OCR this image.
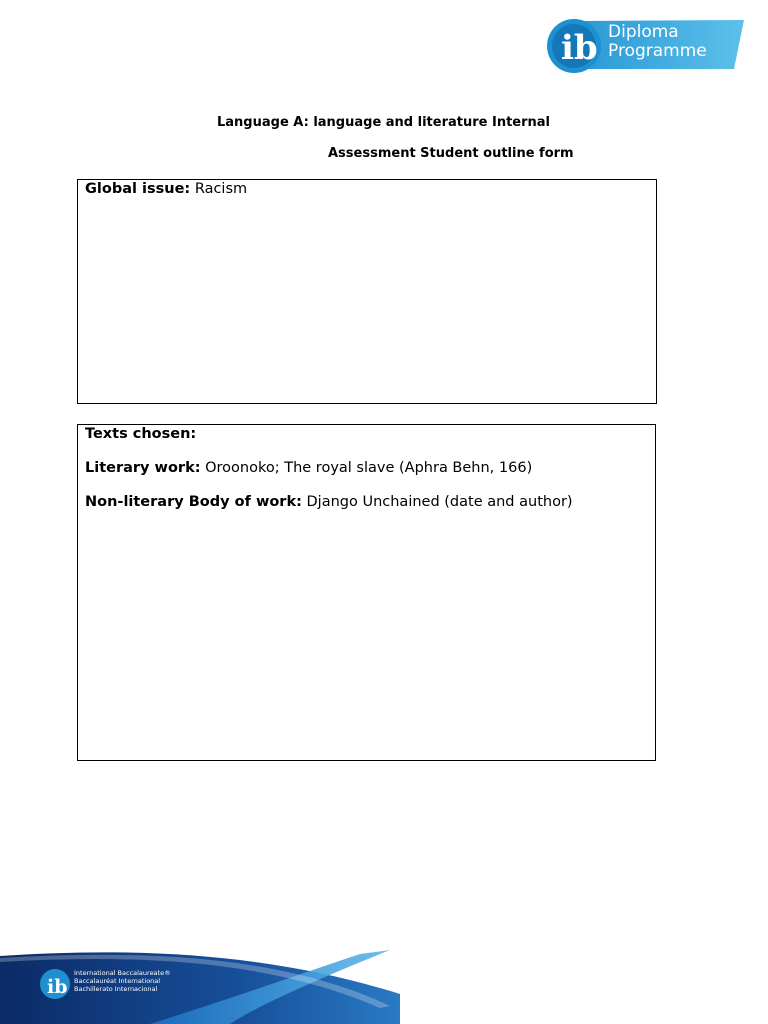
ib Diploma
Programme
Language A: language and literature Internal
Assessment Student outline form
Global issue: Racism
Texts chosen:
Literary work: Oroonoko; The royal slave (Aphra Behn, 166)
Non-literary Body of work: Django Unchained (date and author)
ib
International Baccalaureate®
Baccalauréat International
Bachillerato Internacional
